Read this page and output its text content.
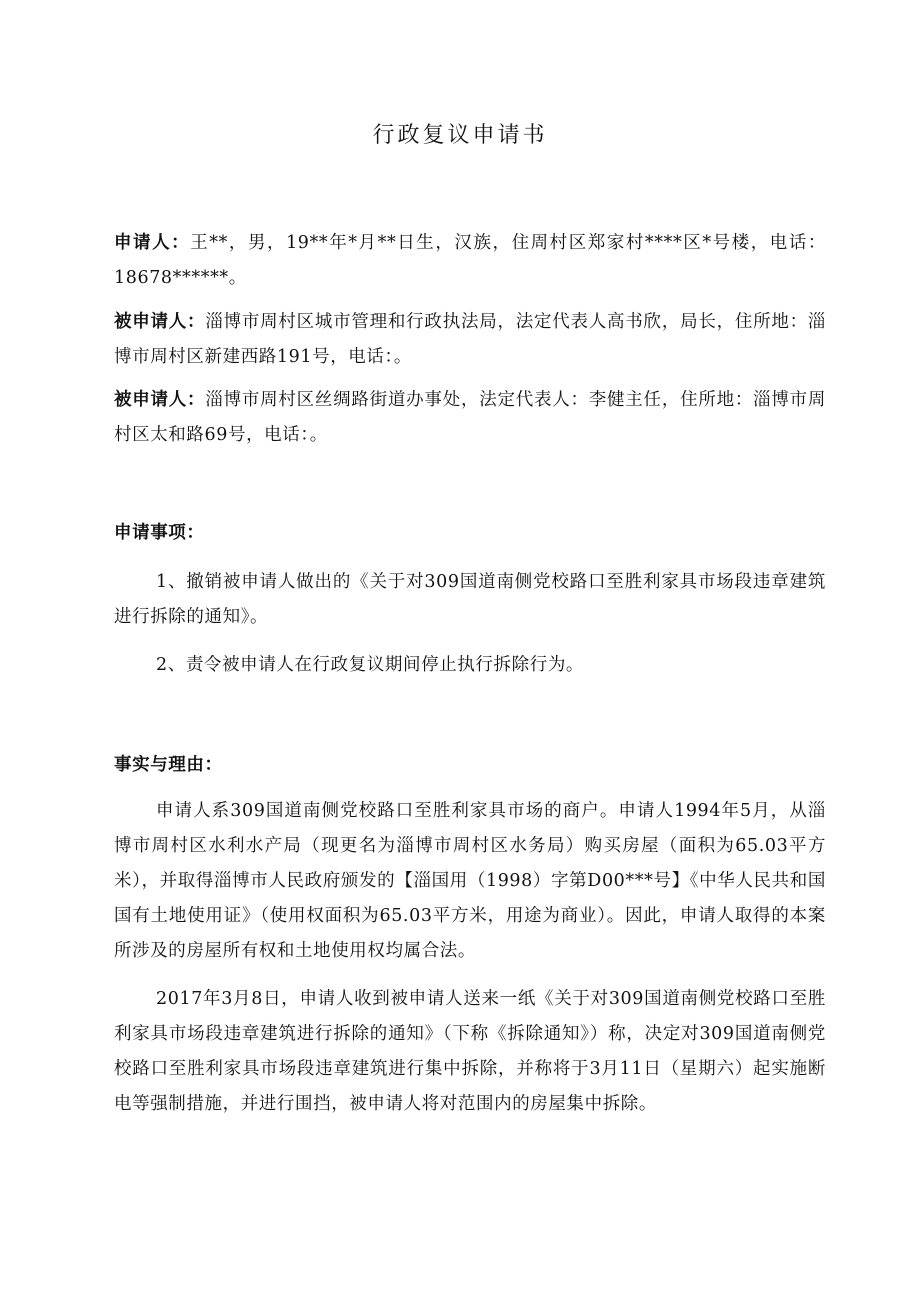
行政复议申请书
申请人：王**，男，19**年*月**日生，汉族，住周村区郑家村****区*号楼，电话：18678******。
被申请人：淄博市周村区城市管理和行政执法局，法定代表人高书欣，局长，住所地：淄博市周村区新建西路191号，电话：。
被申请人：淄博市周村区丝绸路街道办事处，法定代表人：李健主任，住所地：淄博市周村区太和路69号，电话：。
申请事项：
1、撤销被申请人做出的《关于对309国道南侧党校路口至胜利家具市场段违章建筑进行拆除的通知》。
2、责令被申请人在行政复议期间停止执行拆除行为。
事实与理由：
申请人系309国道南侧党校路口至胜利家具市场的商户。申请人1994年5月，从淄博市周村区水利水产局（现更名为淄博市周村区水务局）购买房屋（面积为65.03平方米），并取得淄博市人民政府颁发的【淄国用（1998）字第D00***号】《中华人民共和国国有土地使用证》（使用权面积为65.03平方米，用途为商业）。因此，申请人取得的本案所涉及的房屋所有权和土地使用权均属合法。
2017年3月8日，申请人收到被申请人送来一纸《关于对309国道南侧党校路口至胜利家具市场段违章建筑进行拆除的通知》（下称《拆除通知》）称，决定对309国道南侧党校路口至胜利家具市场段违章建筑进行集中拆除，并称将于3月11日（星期六）起实施断电等强制措施，并进行围挡，被申请人将对范围内的房屋集中拆除。
